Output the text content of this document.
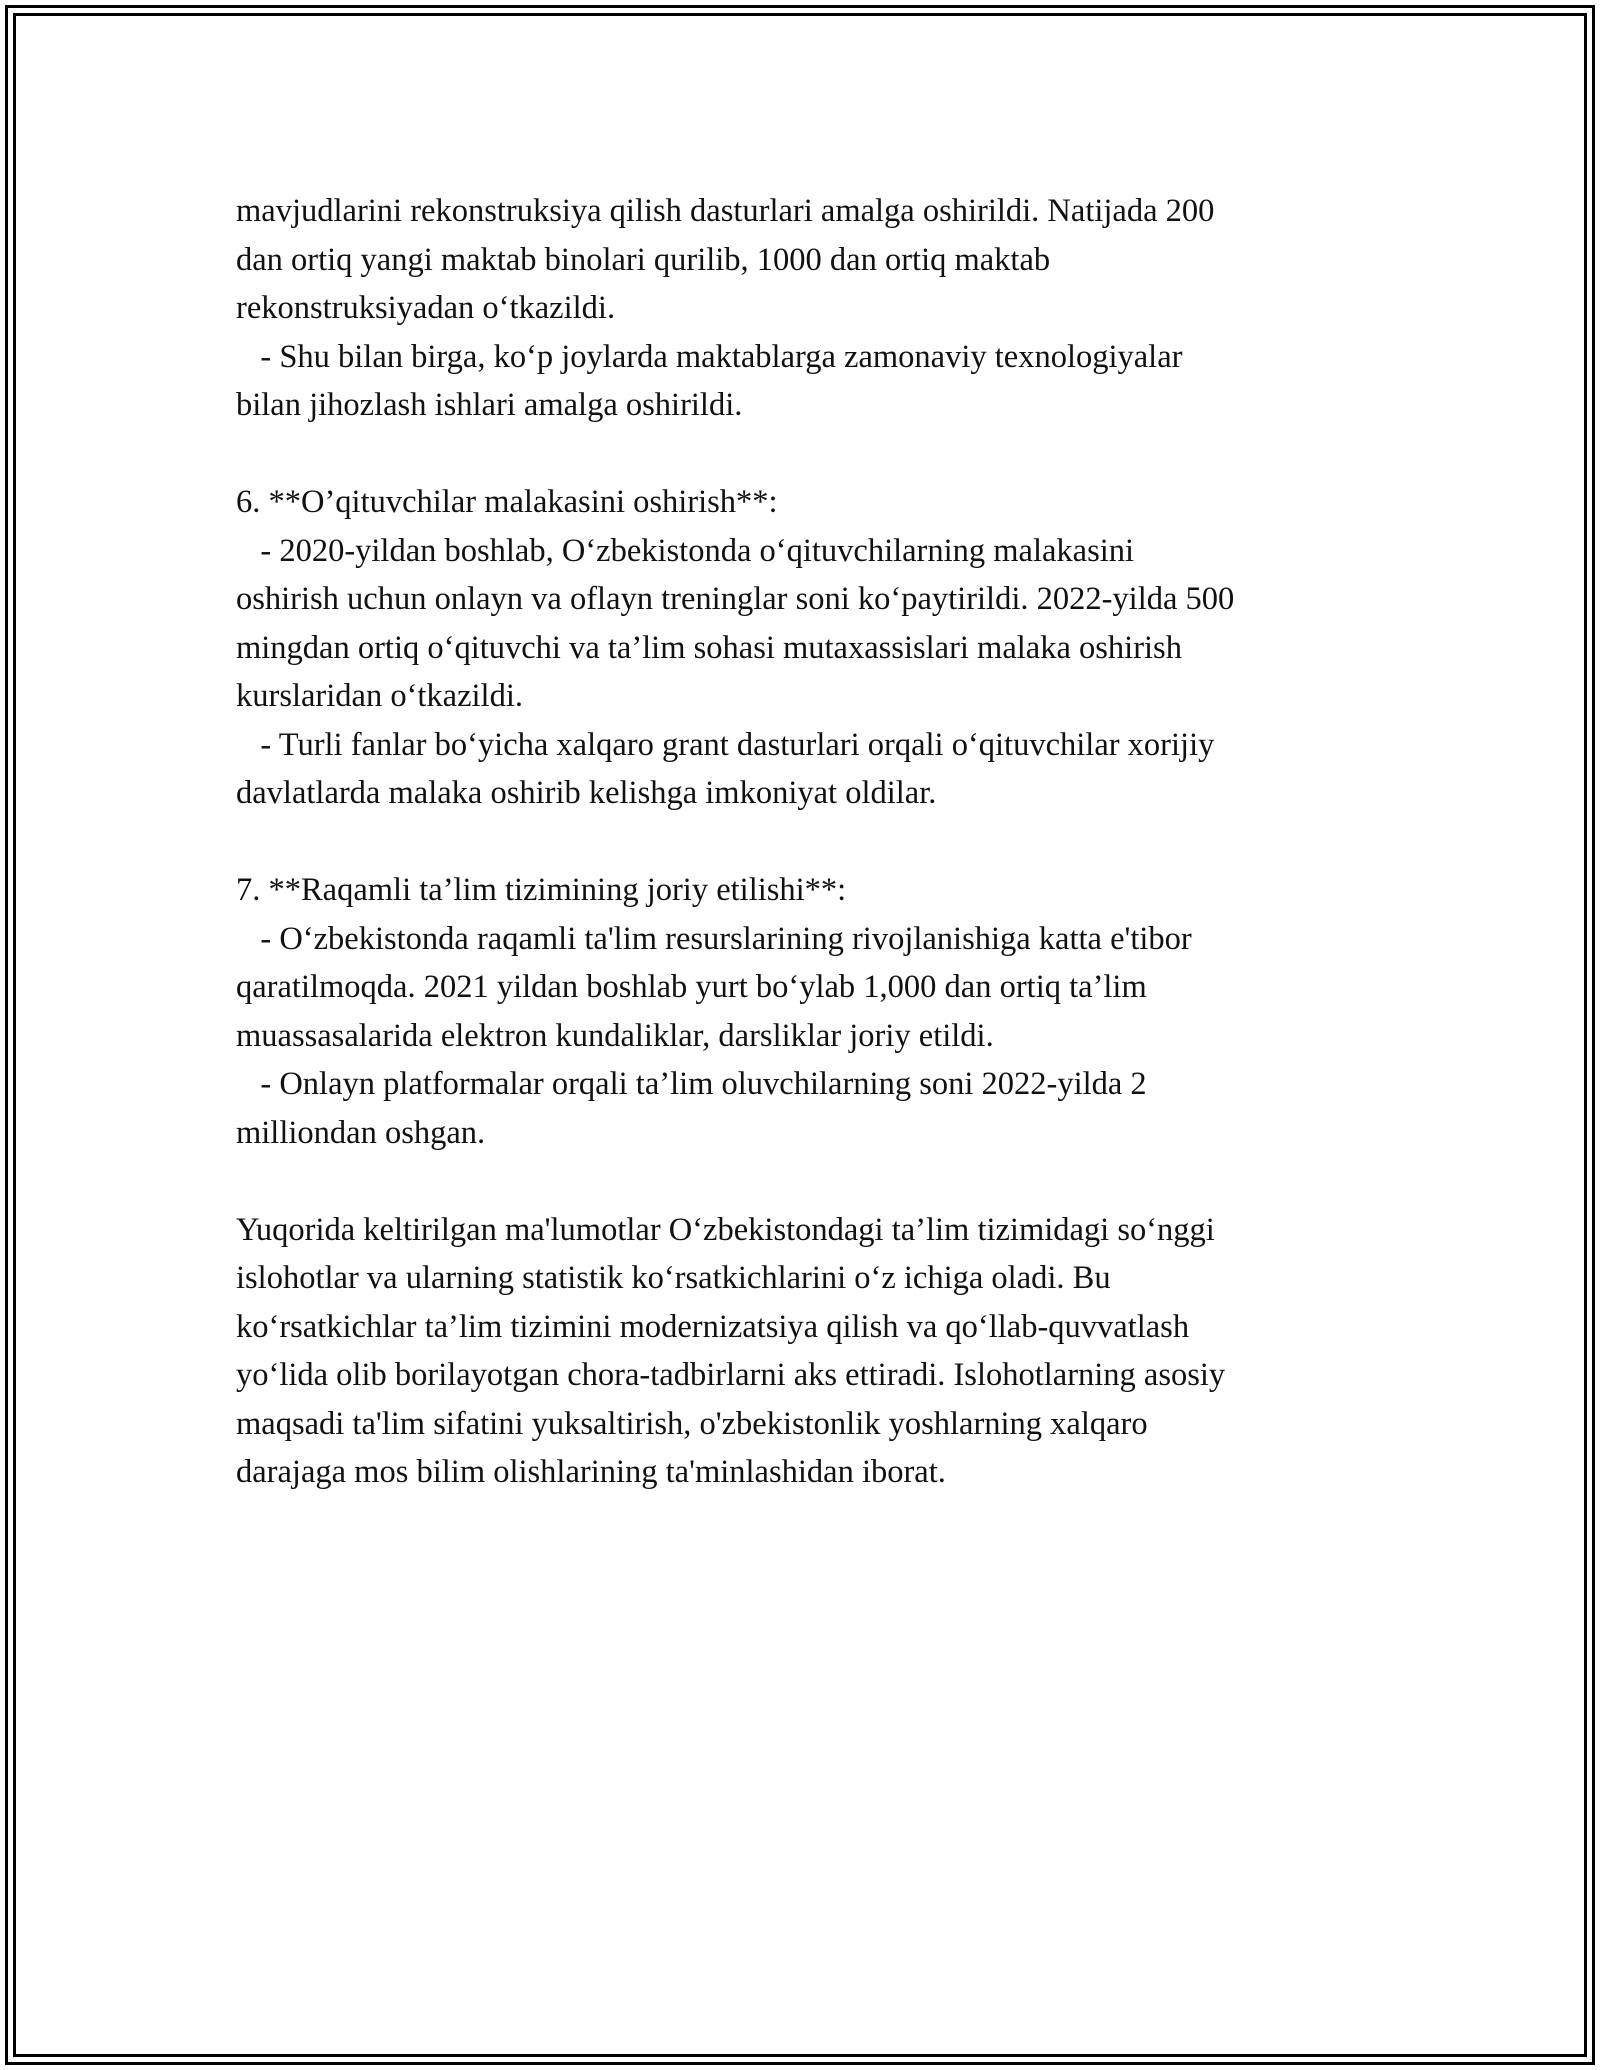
mavjudlarini rekonstruksiya qilish dasturlari amalga oshirildi. Natijada 200
dan ortiq yangi maktab binolari qurilib, 1000 dan ortiq maktab
rekonstruksiyadan o‘tkazildi.
- Shu bilan birga, ko‘p joylarda maktablarga zamonaviy texnologiyalar
bilan jihozlash ishlari amalga oshirildi.
6. **O’qituvchilar malakasini oshirish**:
- 2020-yildan boshlab, O‘zbekistonda o‘qituvchilarning malakasini
oshirish uchun onlayn va oflayn treninglar soni ko‘paytirildi. 2022-yilda 500
mingdan ortiq o‘qituvchi va ta’lim sohasi mutaxassislari malaka oshirish
kurslaridan o‘tkazildi.
- Turli fanlar bo‘yicha xalqaro grant dasturlari orqali o‘qituvchilar xorijiy
davlatlarda malaka oshirib kelishga imkoniyat oldilar.
7. **Raqamli ta’lim tizimining joriy etilishi**:
- O‘zbekistonda raqamli ta'lim resurslarining rivojlanishiga katta e'tibor
qaratilmoqda. 2021 yildan boshlab yurt bo‘ylab 1,000 dan ortiq ta’lim
muassasalarida elektron kundaliklar, darsliklar joriy etildi.
- Onlayn platformalar orqali ta’lim oluvchilarning soni 2022-yilda 2
milliondan oshgan.
Yuqorida keltirilgan ma'lumotlar O‘zbekistondagi ta’lim tizimidagi so‘nggi
islohotlar va ularning statistik ko‘rsatkichlarini o‘z ichiga oladi. Bu
ko‘rsatkichlar ta’lim tizimini modernizatsiya qilish va qo‘llab-quvvatlash
yo‘lida olib borilayotgan chora-tadbirlarni aks ettiradi. Islohotlarning asosiy
maqsadi ta'lim sifatini yuksaltirish, o'zbekistonlik yoshlarning xalqaro
darajaga mos bilim olishlarining ta'minlashidan iborat.
